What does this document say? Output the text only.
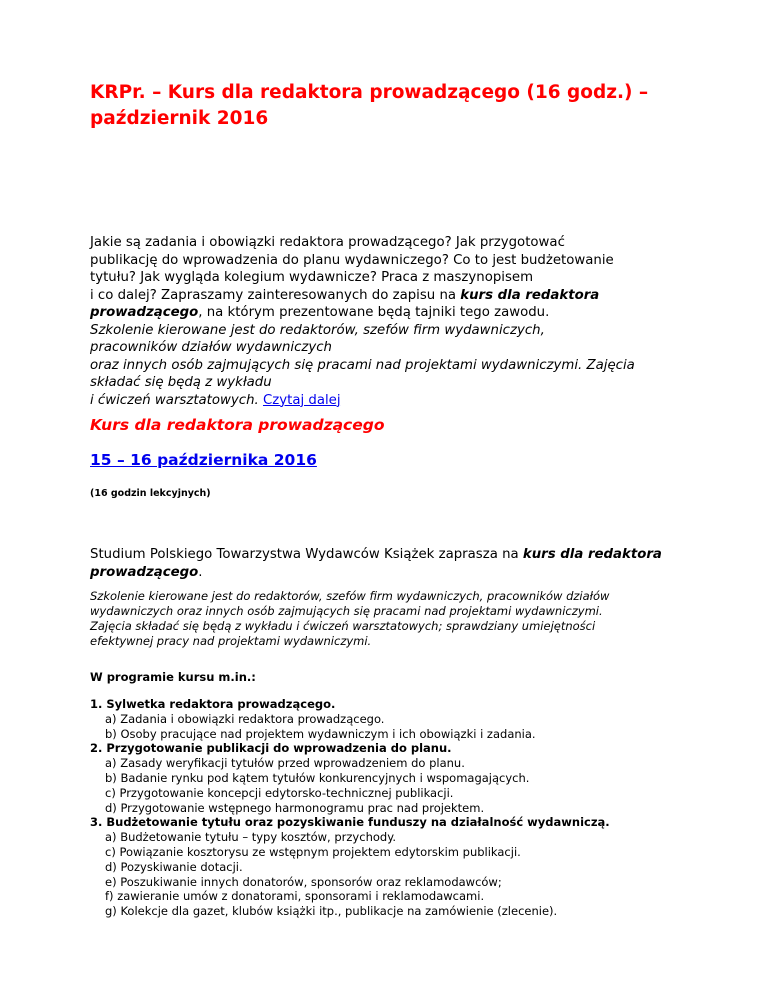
KRPr. – Kurs dla redaktora prowadzącego (16 godz.) – październik 2016

Jakie są zadania i obowiązki redaktora prowadzącego? Jak przygotować
publikację do wprowadzenia do planu wydawniczego? Co to jest budżetowanie
tytułu? Jak wygląda kolegium wydawnicze? Praca z maszynopisem
i co dalej? Zapraszamy zainteresowanych do zapisu na kurs dla redaktora
prowadzącego, na którym prezentowane będą tajniki tego zawodu.
Szkolenie kierowane jest do redaktorów, szefów firm wydawniczych,
pracowników działów wydawniczych
oraz innych osób zajmujących się pracami nad projektami wydawniczymi. Zajęcia
składać się będą z wykładu
i ćwiczeń warsztatowych. Czytaj dalej

Kurs dla redaktora prowadzącego
15 – 16 października 2016
(16 godzin lekcyjnych)

Studium Polskiego Towarzystwa Wydawców Książek zaprasza na kurs dla redaktora
prowadzącego.

Szkolenie kierowane jest do redaktorów, szefów firm wydawniczych, pracowników działów
wydawniczych oraz innych osób zajmujących się pracami nad projektami wydawniczymi.
Zajęcia składać się będą z wykładu i ćwiczeń warsztatowych; sprawdziany umiejętności
efektywnej pracy nad projektami wydawniczymi.

W programie kursu m.in.:
1. Sylwetka redaktora prowadzącego.
a) Zadania i obowiązki redaktora prowadzącego.
b) Osoby pracujące nad projektem wydawniczym i ich obowiązki i zadania.
2. Przygotowanie publikacji do wprowadzenia do planu.
a) Zasady weryfikacji tytułów przed wprowadzeniem do planu.
b) Badanie rynku pod kątem tytułów konkurencyjnych i wspomagających.
c) Przygotowanie koncepcji edytorsko-technicznej publikacji.
d) Przygotowanie wstępnego harmonogramu prac nad projektem.
3. Budżetowanie tytułu oraz pozyskiwanie funduszy na działalność wydawniczą.
a) Budżetowanie tytułu – typy kosztów, przychody.
c) Powiązanie kosztorysu ze wstępnym projektem edytorskim publikacji.
d) Pozyskiwanie dotacji.
e) Poszukiwanie innych donatorów, sponsorów oraz reklamodawców;
f) zawieranie umów z donatorami, sponsorami i reklamodawcami.
g) Kolekcje dla gazet, klubów książki itp., publikacje na zamówienie (zlecenie).
